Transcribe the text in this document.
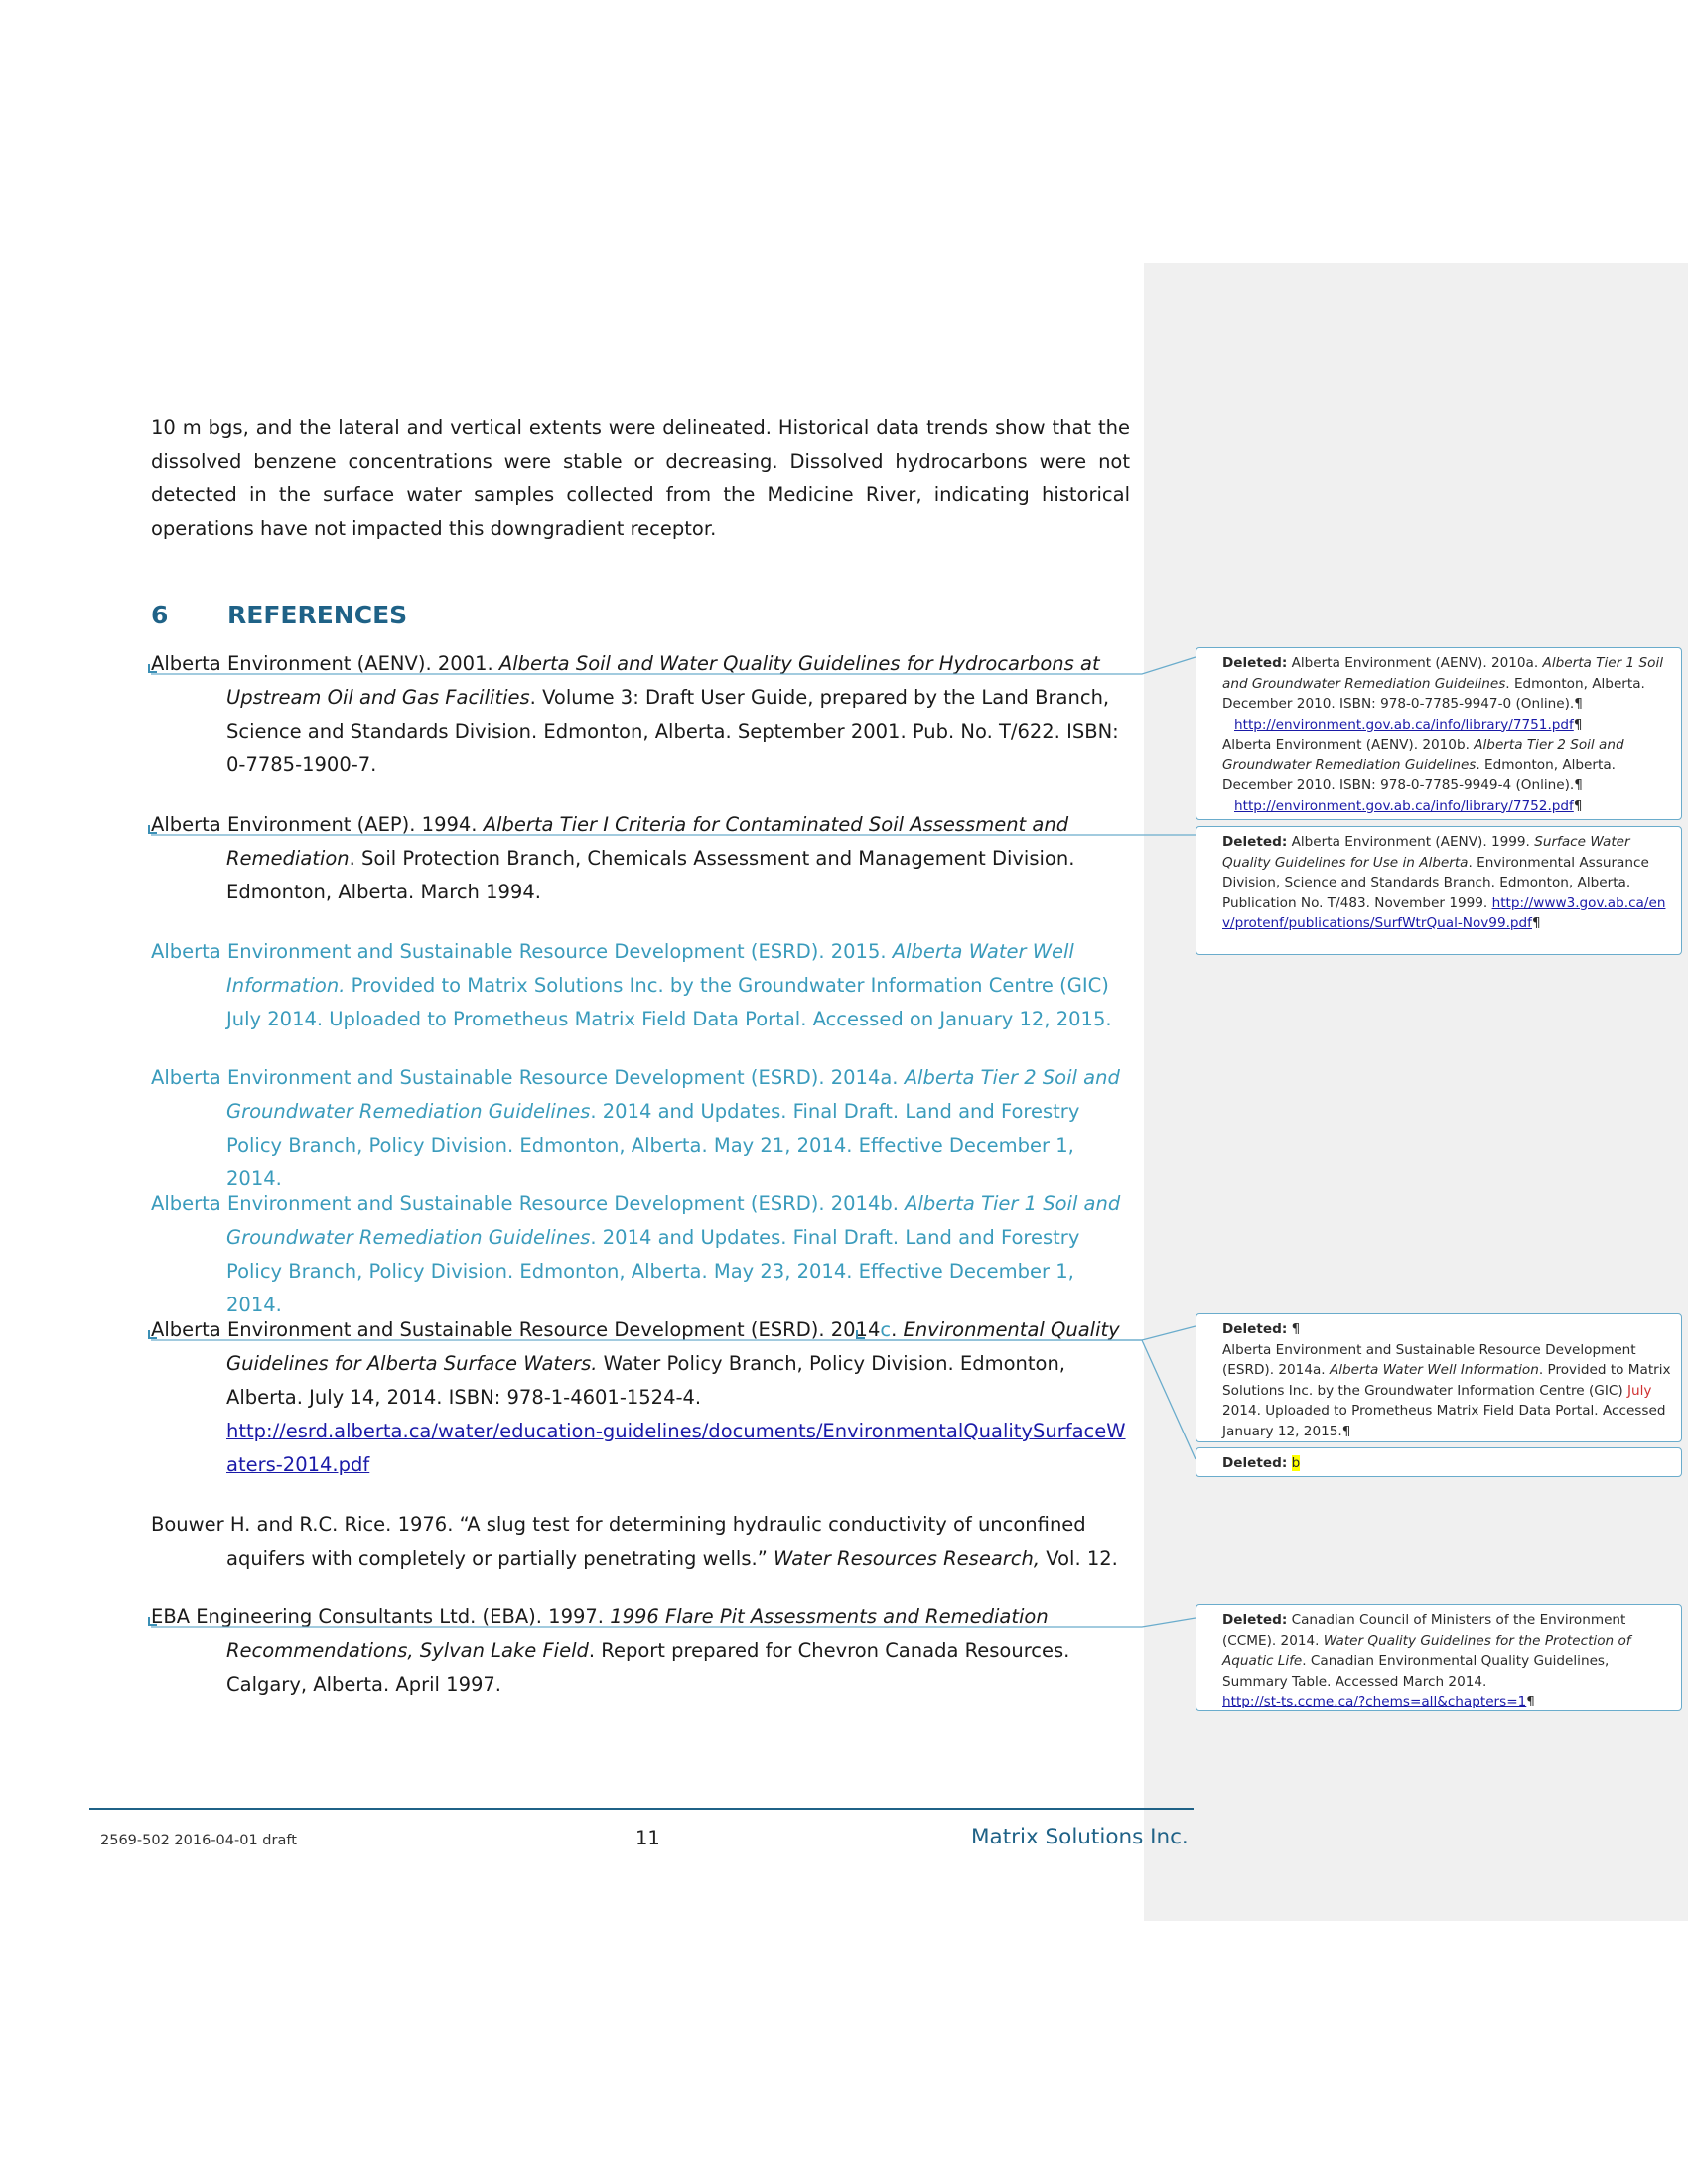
10 m bgs, and the lateral and vertical extents were delineated. Historical data trends show that the dissolved benzene concentrations were stable or decreasing. Dissolved hydrocarbons were not detected in the surface water samples collected from the Medicine River, indicating historical operations have not impacted this downgradient receptor.

6 REFERENCES

Alberta Environment (AENV). 2001. Alberta Soil and Water Quality Guidelines for Hydrocarbons at Upstream Oil and Gas Facilities. Volume 3: Draft User Guide, prepared by the Land Branch, Science and Standards Division. Edmonton, Alberta. September 2001. Pub. No. T/622. ISBN: 0-7785-1900-7.

Alberta Environment (AEP). 1994. Alberta Tier I Criteria for Contaminated Soil Assessment and Remediation. Soil Protection Branch, Chemicals Assessment and Management Division. Edmonton, Alberta. March 1994.

Alberta Environment and Sustainable Resource Development (ESRD). 2015. Alberta Water Well Information. Provided to Matrix Solutions Inc. by the Groundwater Information Centre (GIC) July 2014. Uploaded to Prometheus Matrix Field Data Portal. Accessed on January 12, 2015.

Alberta Environment and Sustainable Resource Development (ESRD). 2014a. Alberta Tier 2 Soil and Groundwater Remediation Guidelines. 2014 and Updates. Final Draft. Land and Forestry Policy Branch, Policy Division. Edmonton, Alberta. May 21, 2014. Effective December 1, 2014.

Alberta Environment and Sustainable Resource Development (ESRD). 2014b. Alberta Tier 1 Soil and Groundwater Remediation Guidelines. 2014 and Updates. Final Draft. Land and Forestry Policy Branch, Policy Division. Edmonton, Alberta. May 23, 2014. Effective December 1, 2014.

Alberta Environment and Sustainable Resource Development (ESRD). 2014c. Environmental Quality Guidelines for Alberta Surface Waters. Water Policy Branch, Policy Division. Edmonton, Alberta. July 14, 2014. ISBN: 978-1-4601-1524-4.
http://esrd.alberta.ca/water/education-guidelines/documents/EnvironmentalQualitySurfaceWaters-2014.pdf

Bouwer H. and R.C. Rice. 1976. “A slug test for determining hydraulic conductivity of unconfined aquifers with completely or partially penetrating wells.” Water Resources Research, Vol. 12.

EBA Engineering Consultants Ltd. (EBA). 1997. 1996 Flare Pit Assessments and Remediation Recommendations, Sylvan Lake Field. Report prepared for Chevron Canada Resources. Calgary, Alberta. April 1997.

Deleted: Alberta Environment (AENV). 2010a. Alberta Tier 1 Soil and Groundwater Remediation Guidelines. Edmonton, Alberta. December 2010. ISBN: 978-0-7785-9947-0 (Online).¶
http://environment.gov.ab.ca/info/library/7751.pdf¶
Alberta Environment (AENV). 2010b. Alberta Tier 2 Soil and Groundwater Remediation Guidelines. Edmonton, Alberta. December 2010. ISBN: 978-0-7785-9949-4 (Online).¶
http://environment.gov.ab.ca/info/library/7752.pdf¶
Deleted: Alberta Environment (AENV). 1999. Surface Water Quality Guidelines for Use in Alberta. Environmental Assurance Division, Science and Standards Branch. Edmonton, Alberta. Publication No. T/483. November 1999. http://www3.gov.ab.ca/env/protenf/publications/SurfWtrQual-Nov99.pdf¶
Deleted: ¶
Alberta Environment and Sustainable Resource Development (ESRD). 2014a. Alberta Water Well Information. Provided to Matrix Solutions Inc. by the Groundwater Information Centre (GIC) July 2014. Uploaded to Prometheus Matrix Field Data Portal. Accessed January 12, 2015.¶
Deleted: b
Deleted: Canadian Council of Ministers of the Environment (CCME). 2014. Water Quality Guidelines for the Protection of Aquatic Life. Canadian Environmental Quality Guidelines, Summary Table. Accessed March 2014.
http://st-ts.ccme.ca/?chems=all&chapters=1¶
2569-502 2016-04-01 draft	11	Matrix Solutions Inc.
